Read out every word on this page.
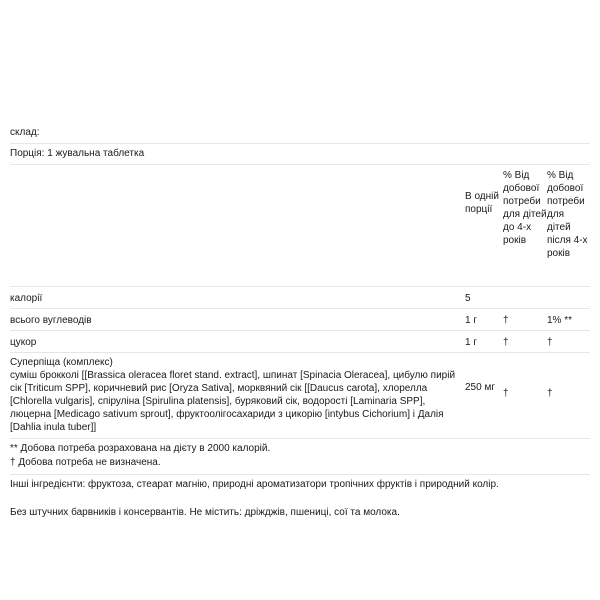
склад:
Порція: 1 жувальна таблетка
	В одній порції	% Від добової потреби для дітей до 4-х років	% Від добової потреби для дітей після 4-х років
калорії	5		
всього вуглеводів	1 г	†	1% **
цукор	1 г	†	†

Суперпіща (комплекс)
суміш брокколі [[Brassica oleracea floret stand. extract], шпинат [Spinacia Oleracea], цибулю пирій сік [Triticum SPP], коричневий рис [Oryza Sativa], морквяний сік [[Daucus carota], хлорелла [Chlorella vulgaris], спіруліна [Spirulina platensis], буряковий сік, водорості [Laminaria SPP], люцерна [Medicago sativum sprout], фруктоолігосахариди з цикорію [intybus Cichorium] і Далія [Dahlia inula tuber]]	250 мг	†	†
** Добова потреба розрахована на дієту в 2000 калорій.
† Добова потреба не визначена.
Інші інгредієнти: фруктоза, стеарат магнію, природні ароматизатори тропічних фруктів і природний колір.
Без штучних барвників і консервантів. Не містить: дріжджів, пшениці, сої та молока.
